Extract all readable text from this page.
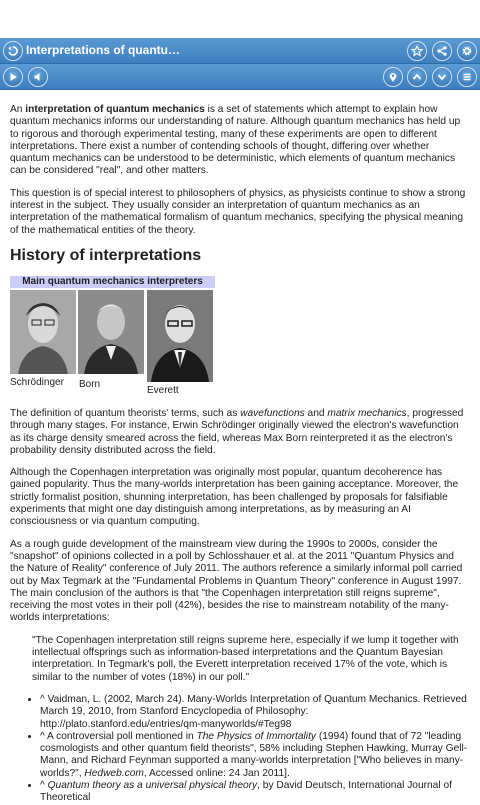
Interpretations of quantu…

An interpretation of quantum mechanics is a set of statements which attempt to explain how quantum mechanics informs our understanding of nature. Although quantum mechanics has held up to rigorous and thorough experimental testing, many of these experiments are open to different interpretations. There exist a number of contending schools of thought, differing over whether quantum mechanics can be understood to be deterministic, which elements of quantum mechanics can be considered "real", and other matters.

This question is of special interest to philosophers of physics, as physicists continue to show a strong interest in the subject. They usually consider an interpretation of quantum mechanics as an interpretation of the mathematical formalism of quantum mechanics, specifying the physical meaning of the mathematical entities of the theory.

History of interpretations
Main quantum mechanics interpreters
Schrödinger Born
Everett

The definition of quantum theorists' terms, such as wavefunctions and matrix mechanics, progressed through many stages. For instance, Erwin Schrödinger originally viewed the electron's wavefunction as its charge density smeared across the field, whereas Max Born reinterpreted it as the electron's probability density distributed across the field.

Although the Copenhagen interpretation was originally most popular, quantum decoherence has gained popularity. Thus the many-worlds interpretation has been gaining acceptance. Moreover, the strictly formalist position, shunning interpretation, has been challenged by proposals for falsifiable experiments that might one day distinguish among interpretations, as by measuring an AI consciousness or via quantum computing.

As a rough guide development of the mainstream view during the 1990s to 2000s, consider the "snapshot" of opinions collected in a poll by Schlosshauer et al. at the 2011 "Quantum Physics and the Nature of Reality" conference of July 2011. The authors reference a similarly informal poll carried out by Max Tegmark at the "Fundamental Problems in Quantum Theory" conference in August 1997. The main conclusion of the authors is that "the Copenhagen interpretation still reigns supreme", receiving the most votes in their poll (42%), besides the rise to mainstream notability of the many-worlds interpretations:

"The Copenhagen interpretation still reigns supreme here, especially if we lump it together with intellectual offsprings such as information-based interpretations and the Quantum Bayesian interpretation. In Tegmark's poll, the Everett interpretation received 17% of the vote, which is similar to the number of votes (18%) in our poll."
• ^ Vaidman, L. (2002, March 24). Many-Worlds Interpretation of Quantum Mechanics. Retrieved March 19, 2010, from Stanford Encyclopedia of Philosophy: http://plato.stanford.edu/entries/qm-manyworlds/#Teg98
• ^ A controversial poll mentioned in The Physics of Immortality (1994) found that of 72 "leading cosmologists and other quantum field theorists", 58% including Stephen Hawking, Murray Gell-Mann, and Richard Feynman supported a many-worlds interpretation ["Who believes in many-worlds?", Hedweb.com, Accessed online: 24 Jan 2011].
• ^ Quantum theory as a universal physical theory, by David Deutsch, International Journal of Theoretical
